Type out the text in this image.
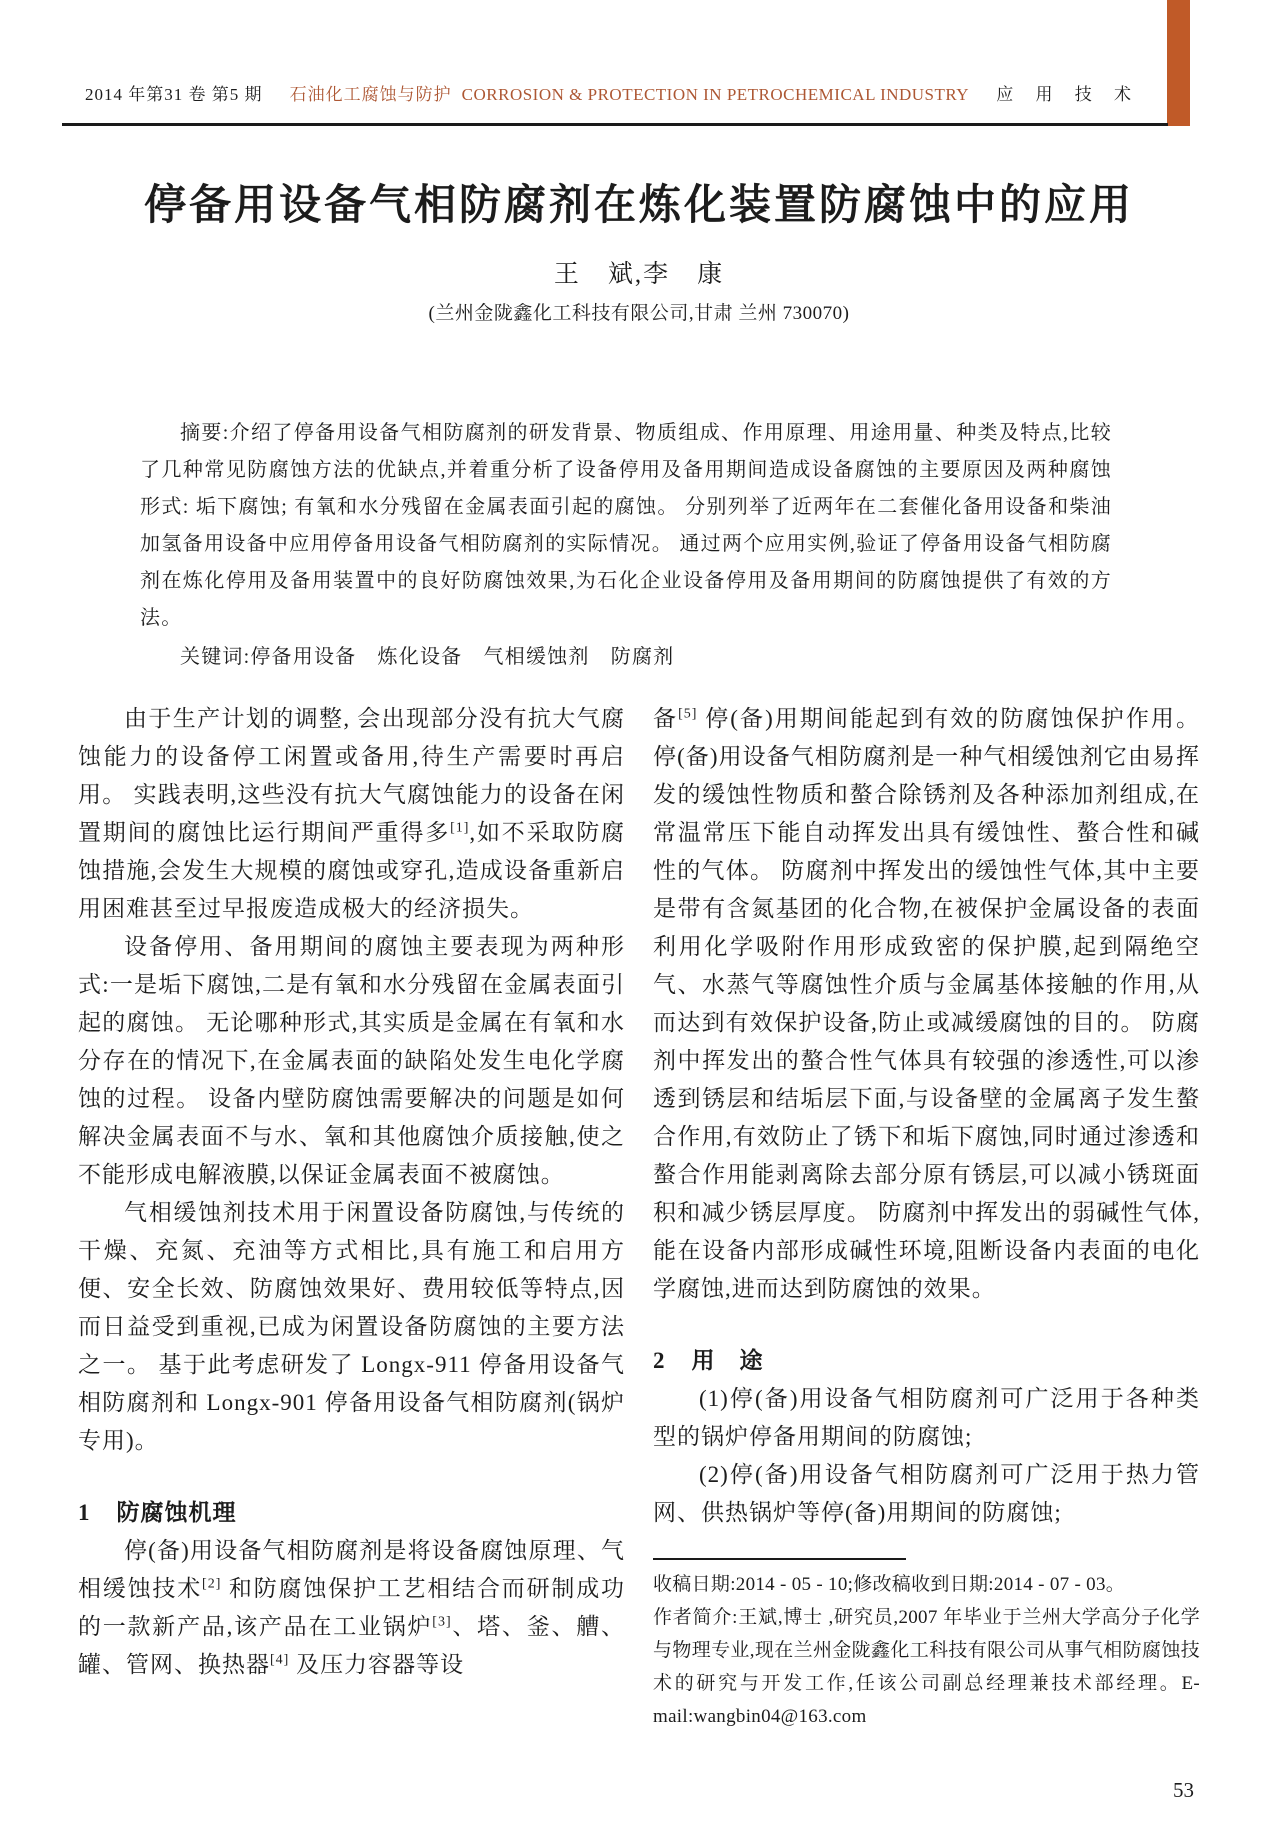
2014 年第31 卷 第5 期 石油化工腐蚀与防护 CORROSION & PROTECTION IN PETROCHEMICAL INDUSTRY 应 用 技 术
停备用设备气相防腐剂在炼化装置防腐蚀中的应用
王　斌,李　康
(兰州金陇鑫化工科技有限公司,甘肃 兰州 730070)
摘要:介绍了停备用设备气相防腐剂的研发背景、物质组成、作用原理、用途用量、种类及特点,比较了几种常见防腐蚀方法的优缺点,并着重分析了设备停用及备用期间造成设备腐蚀的主要原因及两种腐蚀形式: 垢下腐蚀; 有氧和水分残留在金属表面引起的腐蚀。 分别列举了近两年在二套催化备用设备和柴油加氢备用设备中应用停备用设备气相防腐剂的实际情况。 通过两个应用实例,验证了停备用设备气相防腐剂在炼化停用及备用装置中的良好防腐蚀效果,为石化企业设备停用及备用期间的防腐蚀提供了有效的方法。
关键词:停备用设备　炼化设备　气相缓蚀剂　防腐剂

由于生产计划的调整, 会出现部分没有抗大气腐蚀能力的设备停工闲置或备用,待生产需要时再启用。 实践表明,这些没有抗大气腐蚀能力的设备在闲置期间的腐蚀比运行期间严重得多[1],如不采取防腐蚀措施,会发生大规模的腐蚀或穿孔,造成设备重新启用困难甚至过早报废造成极大的经济损失。

设备停用、备用期间的腐蚀主要表现为两种形式:一是垢下腐蚀,二是有氧和水分残留在金属表面引起的腐蚀。 无论哪种形式,其实质是金属在有氧和水分存在的情况下,在金属表面的缺陷处发生电化学腐蚀的过程。 设备内壁防腐蚀需要解决的问题是如何解决金属表面不与水、氧和其他腐蚀介质接触,使之不能形成电解液膜,以保证金属表面不被腐蚀。

气相缓蚀剂技术用于闲置设备防腐蚀,与传统的干燥、充氮、充油等方式相比,具有施工和启用方便、安全长效、防腐蚀效果好、费用较低等特点,因而日益受到重视,已成为闲置设备防腐蚀的主要方法之一。 基于此考虑研发了 Longx-911 停备用设备气相防腐剂和 Longx-901 停备用设备气相防腐剂(锅炉专用)。

1 防腐蚀机理

停(备)用设备气相防腐剂是将设备腐蚀原理、气相缓蚀技术[2] 和防腐蚀保护工艺相结合而研制成功的一款新产品,该产品在工业锅炉[3]、塔、釜、艚、罐、管网、换热器[4] 及压力容器等设

备[5] 停(备)用期间能起到有效的防腐蚀保护作用。 停(备)用设备气相防腐剂是一种气相缓蚀剂它由易挥发的缓蚀性物质和螯合除锈剂及各种添加剂组成,在常温常压下能自动挥发出具有缓蚀性、螯合性和碱性的气体。 防腐剂中挥发出的缓蚀性气体,其中主要是带有含氮基团的化合物,在被保护金属设备的表面利用化学吸附作用形成致密的保护膜,起到隔绝空气、水蒸气等腐蚀性介质与金属基体接触的作用,从而达到有效保护设备,防止或减缓腐蚀的目的。 防腐剂中挥发出的螯合性气体具有较强的渗透性,可以渗透到锈层和结垢层下面,与设备壁的金属离子发生螯合作用,有效防止了锈下和垢下腐蚀,同时通过渗透和螯合作用能剥离除去部分原有锈层,可以减小锈斑面积和减少锈层厚度。 防腐剂中挥发出的弱碱性气体,能在设备内部形成碱性环境,阻断设备内表面的电化学腐蚀,进而达到防腐蚀的效果。

2 用　途

(1)停(备)用设备气相防腐剂可广泛用于各种类型的锅炉停备用期间的防腐蚀;

(2)停(备)用设备气相防腐剂可广泛用于热力管网、供热锅炉等停(备)用期间的防腐蚀;

收稿日期:2014 - 05 - 10;修改稿收到日期:2014 - 07 - 03。

作者简介:王斌,博士 ,研究员,2007 年毕业于兰州大学高分子化学与物理专业,现在兰州金陇鑫化工科技有限公司从事气相防腐蚀技术的研究与开发工作,任该公司副总经理兼技术部经理。E-mail:wangbin04@163.com

53
